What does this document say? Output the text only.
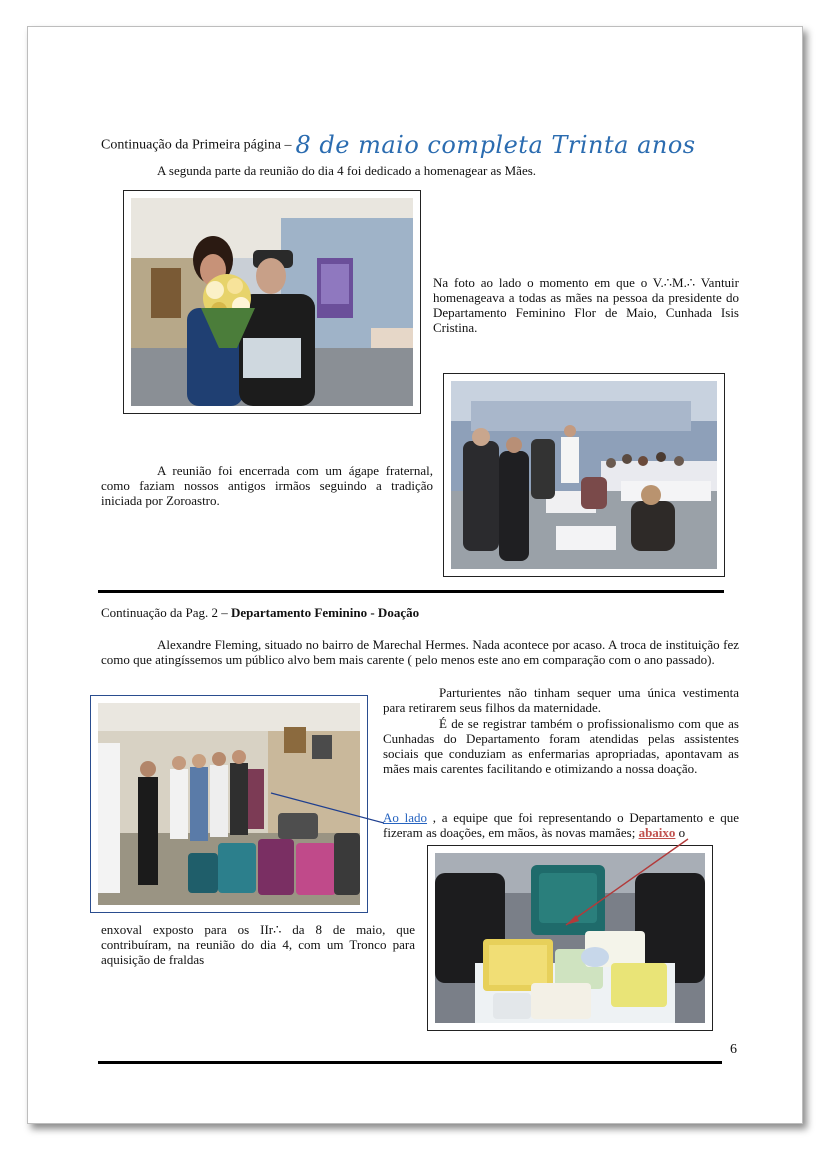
Continuação da Primeira página – 8 de maio completa Trinta anos
A segunda parte da reunião do dia 4 foi dedicado a homenagear as Mães.
Na foto ao lado o momento em que o V.∴M.∴ Vantuir homenageava a todas as mães na pessoa da presidente do Departamento Feminino Flor de Maio, Cunhada Isis Cristina.
A reunião foi encerrada com um ágape fraternal, como faziam nossos antigos irmãos seguindo a tradição iniciada por Zoroastro.
Continuação da Pag. 2 – Departamento Feminino - Doação
Alexandre Fleming, situado no bairro de Marechal Hermes. Nada acontece por acaso. A troca de instituição fez como que atingíssemos um público alvo bem mais carente ( pelo menos este ano em comparação com o ano passado).
Parturientes não tinham sequer uma única vestimenta para retirarem seus filhos da maternidade.
É de se registrar também o profissionalismo com que as Cunhadas do Departamento foram atendidas pelas assistentes sociais que conduziam as enfermarias apropriadas, apontavam as mães mais carentes facilitando e otimizando a nossa doação.
Ao lado , a equipe que foi representando o Departamento e que fizeram as doações, em mãos, às novas mamães; abaixo o
enxoval exposto para os IIr∴ da 8 de maio, que contribuíram, na reunião do dia 4, com um Tronco para aquisição de fraldas
6
